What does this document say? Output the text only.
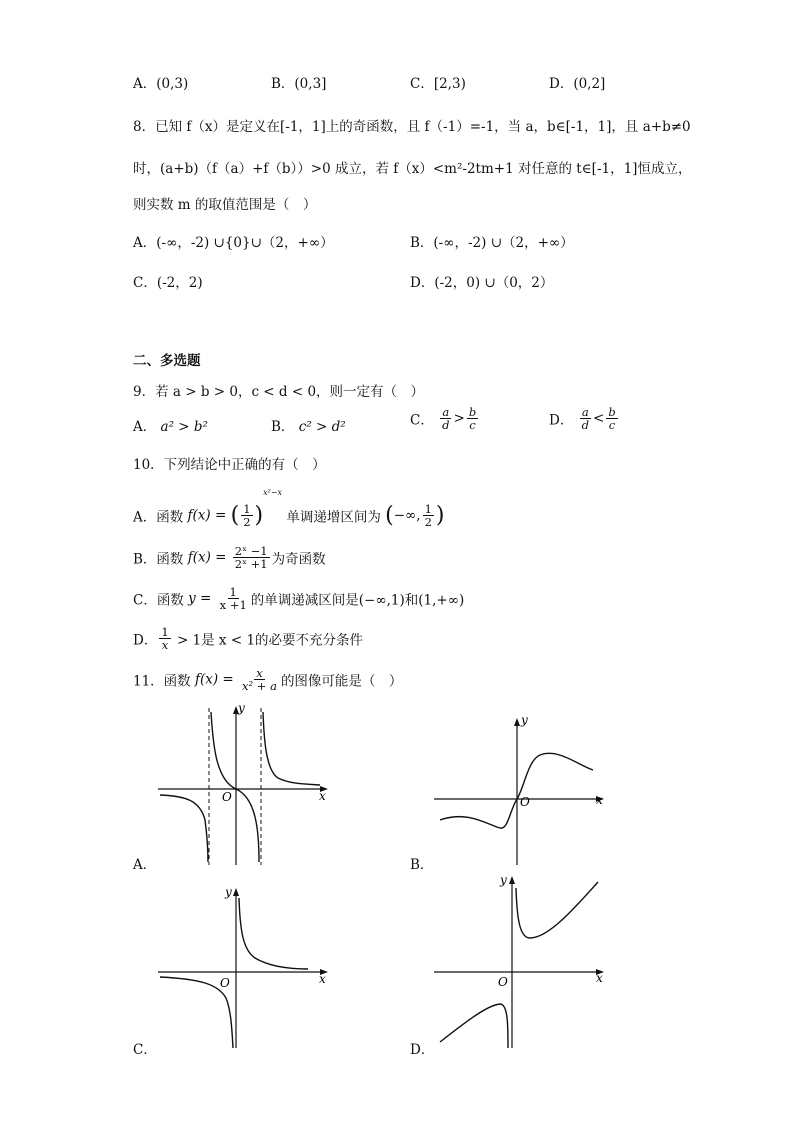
A．(0,3)	B．(0,3]	C．[2,3)	D．(0,2]
8．已知 f（x）是定义在[-1，1]上的奇函数，且 f（-1）=-1，当 a，b∈[-1，1]，且 a+b≠0
时，(a+b)（f（a）+f（b））>0 成立，若 f（x）<m²-2tm+1 对任意的 t∈[-1，1]恒成立，
则实数 m 的取值范围是（　）
A．(-∞，-2) ∪{0}∪（2，+∞）	B．(-∞，-2) ∪（2，+∞）
C．(-2，2)	D．(-2，0) ∪（0，2）
二、多选题
9．若 a > b > 0，c < d < 0，则一定有（　）
A． a² > b²	B． c² > d²	C． $\frac{a}{d} > \frac{b}{c}$	D． $\frac{a}{d} < \frac{b}{c}$
10．下列结论中正确的有（　）
A．函数 f(x) = ( $\frac{1}{2} )^{x^2-x}$ 单调递增区间为 (−∞, $\frac{1}{2}$ )
B．函数 $f(x) = \frac{\text{2ˣ −1}}{\text{2ˣ +1}}$ 为奇函数
C．函数 $y = \frac{1}{x +1}$ 的单调递减区间是(−∞,1)和(1,+∞)
D． $\frac{1}{x} > 1$是 x < 1的必要不充分条件
11．函数 $f(x) = \frac{x}{\text{x² + a}}$ 的图像可能是（　）
y
x
O
A．
y
x
O
B．
y
x
O
C．
y
x
O
D．
